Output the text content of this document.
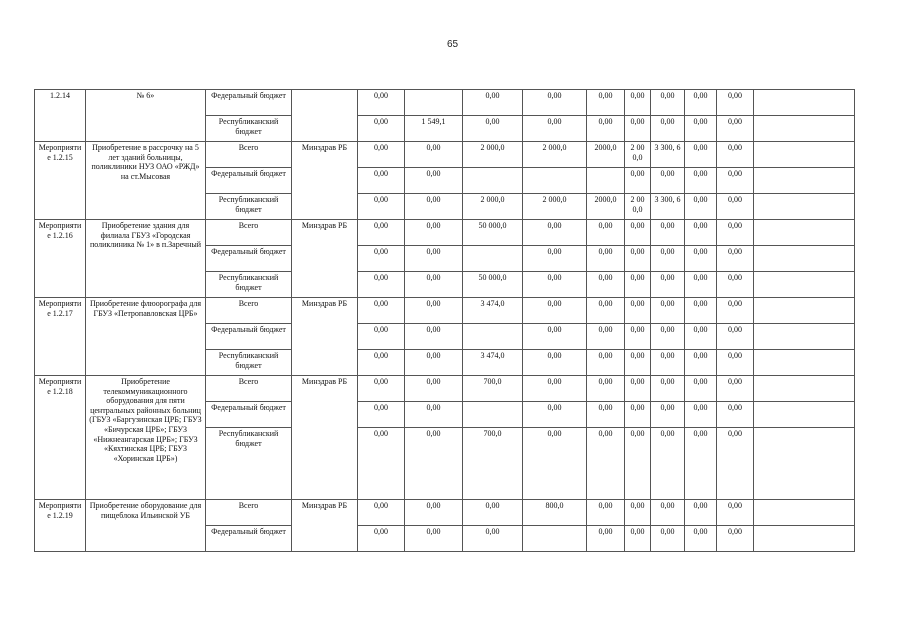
65
1.2.14	№ 6»	Федеральный бюджет		0,00		0,00	0,00	0,00	0,00	0,00	0,00	0,00	
		Республиканский бюджет		0,00	1 549,1	0,00	0,00	0,00	0,00	0,00	0,00	0,00	
Мероприятие 1.2.15	Приобретение в рассрочку на 5 лет зданий больницы, поликлиники НУЗ ОАО «РЖД» на ст.Мысовая	Всего	Минздрав РБ	0,00	0,00	2 000,0	2 000,0	2000,0	2 00 0,0	3 300, 6	0,00	0,00	
		Федеральный бюджет		0,00	0,00				0,00	0,00	0,00	0,00	
		Республиканский бюджет		0,00	0,00	2 000,0	2 000,0	2000,0	2 00 0,0	3 300, 6	0,00	0,00	
Мероприятие 1.2.16	Приобретение здания для филиала ГБУЗ «Городская поликлиника № 1» в п.Заречный	Всего	Минздрав РБ	0,00	0,00	50 000,0	0,00	0,00	0,00	0,00	0,00	0,00	
		Федеральный бюджет		0,00	0,00		0,00	0,00	0,00	0,00	0,00	0,00	
		Республиканский бюджет		0,00	0,00	50 000,0	0,00	0,00	0,00	0,00	0,00	0,00	
Мероприятие 1.2.17	Приобретение флюорографа для ГБУЗ «Петропавловская ЦРБ»	Всего	Минздрав РБ	0,00	0,00	3 474,0	0,00	0,00	0,00	0,00	0,00	0,00	
		Федеральный бюджет		0,00	0,00		0,00	0,00	0,00	0,00	0,00	0,00	
		Республиканский бюджет		0,00	0,00	3 474,0	0,00	0,00	0,00	0,00	0,00	0,00	
Мероприятие 1.2.18	Приобретение телекоммуникационного оборудования для пяти центральных районных больниц (ГБУЗ «Баргузинская ЦРБ; ГБУЗ «Бичурская ЦРБ»; ГБУЗ «Нижнеангарская ЦРБ»; ГБУЗ «Кяхтинская ЦРБ; ГБУЗ «Хоринская ЦРБ»)	Всего	Минздрав РБ	0,00	0,00	700,0	0,00	0,00	0,00	0,00	0,00	0,00	
		Федеральный бюджет		0,00	0,00		0,00	0,00	0,00	0,00	0,00	0,00	
		Республиканский бюджет		0,00	0,00	700,0	0,00	0,00	0,00	0,00	0,00	0,00	
Мероприятие 1.2.19	Приобретение оборудование для пищеблока Ильинской УБ	Всего	Минздрав РБ	0,00	0,00	0,00	800,0	0,00	0,00	0,00	0,00	0,00	
		Федеральный бюджет		0,00	0,00	0,00		0,00	0,00	0,00	0,00	0,00	
